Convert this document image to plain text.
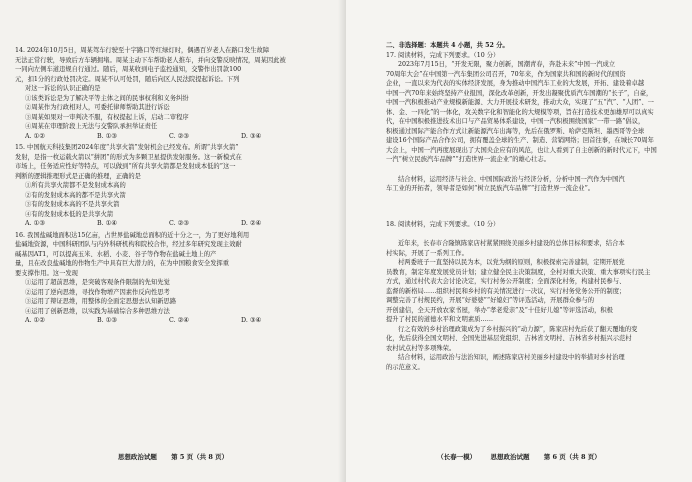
14. 2024年10月5日，周某驾车行驶至十字路口等红绿灯时，偶遇百岁老人在路口发生故障

无法正常行驶，导致后方车辆拥堵。周某主动下车帮助老人推车，并向交警反映情况，周某因此被

一同向左侧车道违规自行通过。随后，周某收到电子监控通知，交警作出罚款100

元，扣1分的行政处罚决定。周某不认可处罚，随后向区人民法院提起诉讼。下列

对这一诉讼的认识正确的是

①该类诉讼是为了解决平等主体之间的民事权利和义务纠纷

②周某作为行政相对人，可委托律师帮助其进行诉讼

③周某如果对一审判决不服，有权提起上诉，启动二审程序

④周某在审理阶段上无法与交警队承担举证责任

A. ①②	B. ①③	C. ②③	D. ③④

15. 中国航天科技集团2024年度“共享火箭”发射机会已经发布。所谓“共享火箭”

发射，是指一枚运载火箭以“拼团”的形式为多颗卫星提供发射服务。这一新模式在

市场上，任务适应性好等特点，可以做到“所有共享火箭都是发射成本低的”这一

判断的逻辑推理形式是正确的推理，正确的是

①所有共享火箭都不是发射成本高的

②有的发射成本高的都不是共享火箭

③有的发射成本高的不是共享火箭

④有的发射成本低的是共享火箭

A. ①③	B. ①④	C. ②③	D. ②④

16. 我国盐碱地面积达15亿亩，占世界盐碱地总面积的近十分之一，为了更好地利用

盐碱地资源，中国科研团队与内外科研机构和院校合作，经过多年研究发现主效耐

碱基因AT1，可以提高玉米、水稻、小麦、谷子等作物在盐碱土地上的产

量，且在改良盐碱地的作物生产中具有巨大潜力的，在为中国粮食安全发挥重

要支撑作用。这一发现

①运用了超前思维，是突破客观条件限制的先知先觉

②运用了逆向思维，寻找作物增产因素作反向性思考

③运用了辩证思维，用整体的全面定思想去认知新思路

④运用了创新思维，以实践为基础综合多种思维方法

A. ①②	B. ①③	C. ②④	D. ③④
思想政治试题 第 5 页（共 8 页）

二、非选择题：本题共 4 小题，共 52 分。

17. 阅读材料，完成下列要求。（10 分）

2023年7月15日，“开发无限，聚力创新，国潮青春，奔赴未来”中国一汽成立

70周年大会”在中国第一汽车集团公司召开，70年来，作为国家共和国的新时代的国资

企业，一直以来为代表的实体经济发展，身为推动中国汽车工业的大发展，开拓、建设着卓越

中国一汽70年来始终坚持产业报国，深化改革创新，开发出凝聚优质汽车国潮的“长子”，自豪，

中国一汽积极推动产业规模新能源、大力开展技术研发，推动大众，实现了“五“汽”、“人团”、一

体、金、一四化”的一体化，攻关数字化和智能化的大规模等项，旨在打造技术更加雄厚可以真实

代，在中国积极推进技术出口与产品贸易体系建设，中国一汽积极围绕国家“一带一路”倡议，

积极通过国际产能合作方式让新能源汽车出海等，先后在俄罗斯、哈萨克斯坦、墨西哥等全球

建设16个国际产品合作公司，拥有覆盖全球的生产、制造、营销网络；回首往事，在城长70周年

大会上，中国一汽再度展现出了大国央企应有的风范，也让人看到了自主创新的新时代元下，中国

一汽“树立民族汽车品牌”“打造世界一流企业”的雄心壮志。

结合材料，运用经济与社会、中国国际政治与经济分析，分析中国一汽作为中国汽

车工业的开拓者，领导者是如何“树立民族汽车品牌”“打造世界一流企业”。

18. 阅读材料，完成下列要求。（10 分）

近年来，长春市合隆镇陈家店村紧紧围绕美丽乡村建设的总体目标和要求，结合本

村实际，开展了一系列工作。

村两委班子一直坚持以民为本，以党为纲的原则，积极探索完善建制，定期开展党

员教育，制定年度发展党员计划；建立健全民主决策制度，全村对重大决策、重大事项实行民主

方式，通过村代表大会讨论决定，实行村务公开制度；全面深化村务，构建村民参与、

监督的新格局……组织村民和乡村的有关情况进行一决议，实行村务党务公开的制度；

调整完善了村规民约，开展“好婆婆”“好媳妇”等评选活动，开展群众参与的

开创建信，全天开放农家书屋，举办“孝老爱亲”及“十佳好儿媳”等评选活动，积极

提升了村民的道德水平和文明素质……

行之有效的乡村治理政策成为了乡村振兴的“动力源”，陈家店村先后获了翻天覆地的变

化，先后获得全国文明村、全国先进基层党组织、吉林省文明村、吉林省乡村振兴示范村

农村试点村等多项殊荣。

结合材料，运用政治与法治知识，阐述陈家店村美丽乡村建设中的举措对乡村治理

的示范意义。

（长春一模） 思想政治试题 第 6 页（共 8 页）
